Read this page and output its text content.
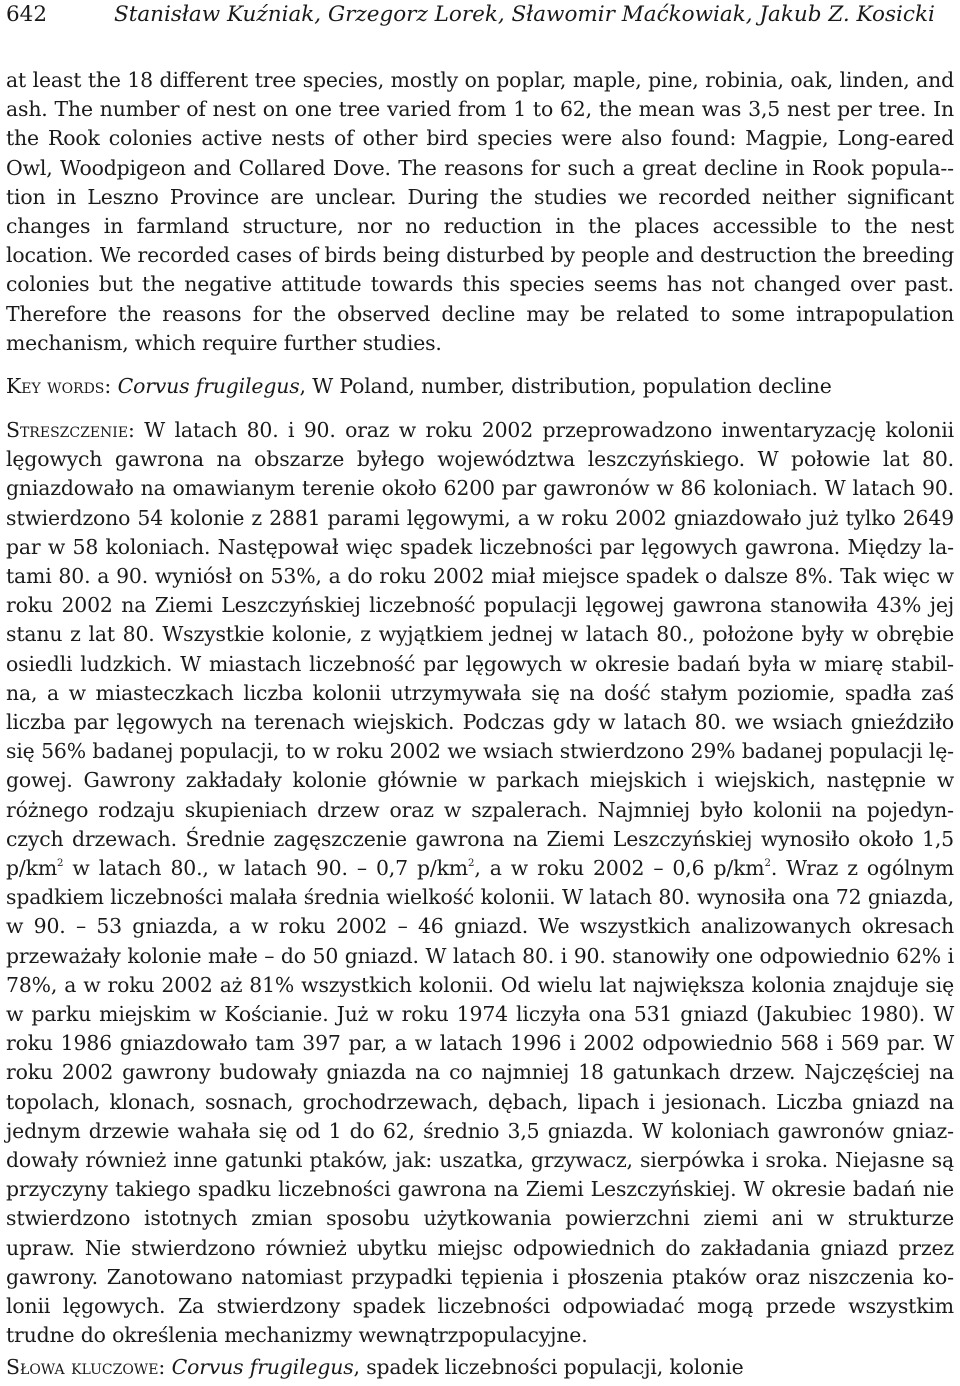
642	Stanisław Kuźniak, Grzegorz Lorek, Sławomir Maćkowiak, Jakub Z. Kosicki

at least the 18 different tree species, mostly on poplar, maple, pine, robinia, oak, linden, and ash. The number of nest on one tree varied from 1 to 62, the mean was 3,5 nest per tree. In the Rook colonies active nests of other bird species were also found: Magpie, Long-eared Owl, Woodpigeon and Collared Dove. The reasons for such a great decline in Rook popula-tion in Leszno Province are unclear. During the studies we recorded neither significant changes in farmland structure, nor no reduction in the places accessible to the nest location. We recorded cases of birds being disturbed by people and destruction the breeding colonies but the negative attitude towards this species seems has not changed over past. Therefore the reasons for the observed decline may be related to some intrapopulation mechanism, which require further studies.

Key words: Corvus frugilegus, W Poland, number, distribution, population decline

Streszczenie: W latach 80. i 90. oraz w roku 2002 przeprowadzono inwentaryzację kolonii lęgowych gawrona na obszarze byłego województwa leszczyńskiego. W połowie lat 80. gniazdowało na omawianym terenie około 6200 par gawronów w 86 koloniach. W latach 90. stwierdzono 54 kolonie z 2881 parami lęgowymi, a w roku 2002 gniazdowało już tylko 2649 par w 58 koloniach. Następował więc spadek liczebności par lęgowych gawrona. Między latami 80. a 90. wyniósł on 53%, a do roku 2002 miał miejsce spadek o dalsze 8%. Tak więc w roku 2002 na Ziemi Leszczyńskiej liczebność populacji lęgowej gawrona stanowiła 43% jej stanu z lat 80. Wszystkie kolonie, z wyjątkiem jednej w latach 80., położone były w obrębie osiedli ludzkich. W miastach liczebność par lęgowych w okresie badań była w miarę stabilna, a w miasteczkach liczba kolonii utrzymywała się na dość stałym poziomie, spadła zaś liczba par lęgowych na terenach wiejskich. Podczas gdy w latach 80. we wsiach gnieździło się 56% badanej populacji, to w roku 2002 we wsiach stwierdzono 29% badanej populacji lęgowej. Gawrony zakładały kolonie głównie w parkach miejskich i wiejskich, następnie w różnego rodzaju skupieniach drzew oraz w szpalerach. Najmniej było kolonii na pojedynczych drzewach. Średnie zagęszczenie gawrona na Ziemi Leszczyńskiej wynosiło około 1,5 $p/km^2$ w latach 80., w latach 90. – 0,7 $p/km^2$, a w roku 2002 – 0,6 $p/km^2$. Wraz z ogólnym spadkiem liczebności malała średnia wielkość kolonii. W latach 80. wynosiła ona 72 gniazda, w 90. – 53 gniazda, a w roku 2002 – 46 gniazd. We wszystkich analizowanych okresach przeważały kolonie małe – do 50 gniazd. W latach 80. i 90. stanowiły one odpowiednio 62% i 78%, a w roku 2002 aż 81% wszystkich kolonii. Od wielu lat największa kolonia znajduje się w parku miejskim w Kościanie. Już w roku 1974 liczyła ona 531 gniazd (Jakubiec 1980). W roku 1986 gniazdowało tam 397 par, a w latach 1996 i 2002 odpowiednio 568 i 569 par. W roku 2002 gawrony budowały gniazda na co najmniej 18 gatunkach drzew. Najczęściej na topolach, klonach, sosnach, grochodrzewach, dębach, lipach i jesionach. Liczba gniazd na jednym drzewie wahała się od 1 do 62, średnio 3,5 gniazda. W koloniach gawronów gniazdowały również inne gatunki ptaków, jak: uszatka, grzywacz, sierpówka i sroka. Niejasne są przyczyny takiego spadku liczebności gawrona na Ziemi Leszczyńskiej. W okresie badań nie stwierdzono istotnych zmian sposobu użytkowania powierzchni ziemi ani w strukturze upraw. Nie stwierdzono również ubytku miejsc odpowiednich do zakładania gniazd przez gawrony. Zanotowano natomiast przypadki tępienia i płoszenia ptaków oraz niszczenia kolonii lęgowych. Za stwierdzony spadek liczebności odpowiadać mogą przede wszystkim trudne do określenia mechanizmy wewnątrzpopulacyjne.

Słowa kluczowe: Corvus frugilegus, spadek liczebności populacji, kolonie
